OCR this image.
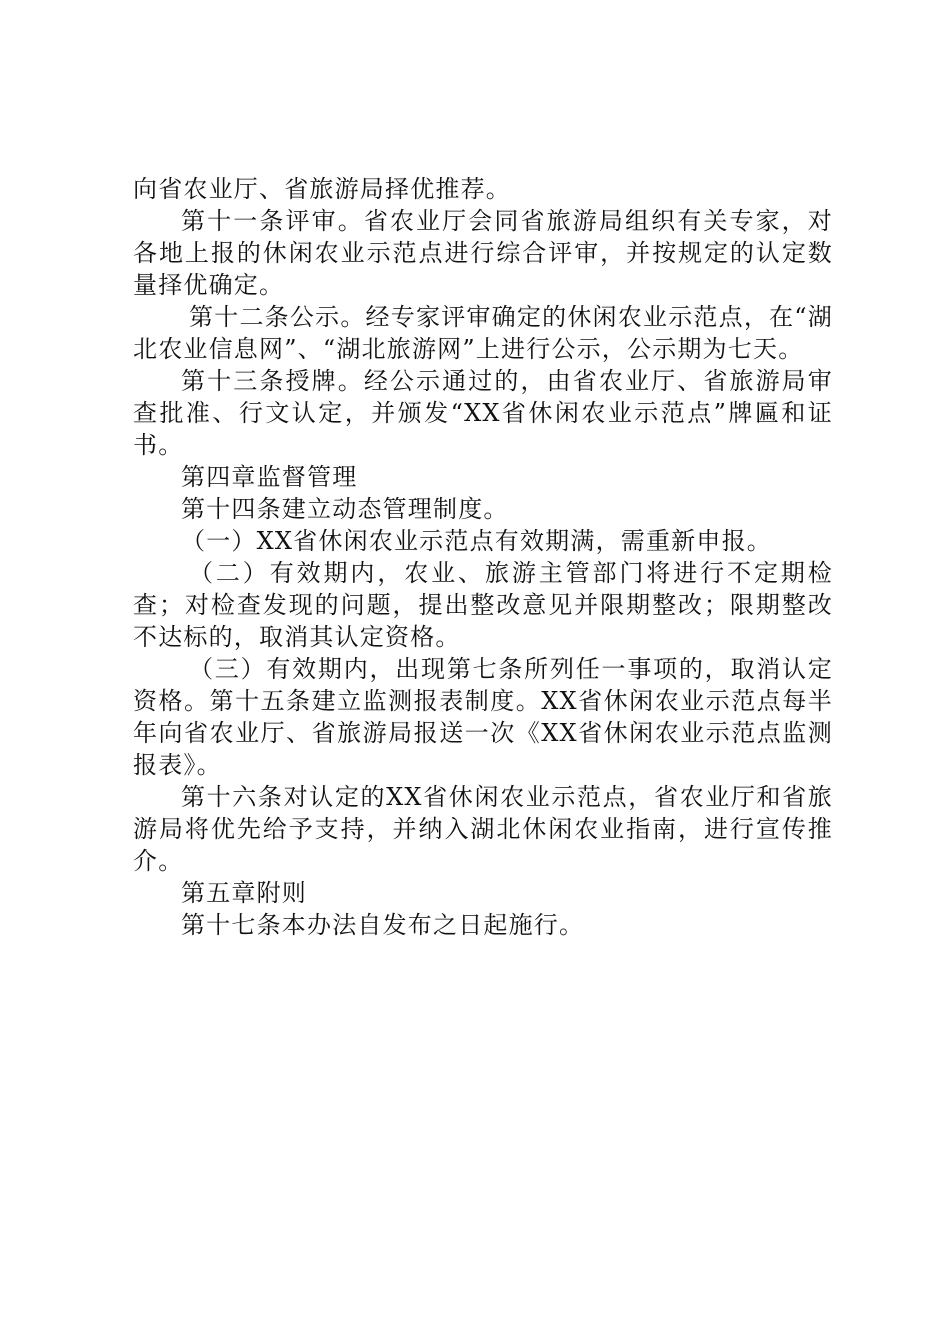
向省农业厅、省旅游局择优推荐。

第十一条评审。省农业厅会同省旅游局组织有关专家，对各地上报的休闲农业示范点进行综合评审，并按规定的认定数量择优确定。

第十二条公示。经专家评审确定的休闲农业示范点，在“湖北农业信息网”、“湖北旅游网”上进行公示，公示期为七天。

第十三条授牌。经公示通过的，由省农业厅、省旅游局审查批准、行文认定，并颁发“XX省休闲农业示范点”牌匾和证书。

第四章监督管理

第十四条建立动态管理制度。

（一）XX省休闲农业示范点有效期满，需重新申报。

（二）有效期内，农业、旅游主管部门将进行不定期检查；对检查发现的问题，提出整改意见并限期整改；限期整改不达标的，取消其认定资格。

（三）有效期内，出现第七条所列任一事项的，取消认定资格。第十五条建立监测报表制度。XX省休闲农业示范点每半年向省农业厅、省旅游局报送一次《XX省休闲农业示范点监测报表》。

第十六条对认定的XX省休闲农业示范点，省农业厅和省旅游局将优先给予支持，并纳入湖北休闲农业指南，进行宣传推介。

第五章附则

第十七条本办法自发布之日起施行。
